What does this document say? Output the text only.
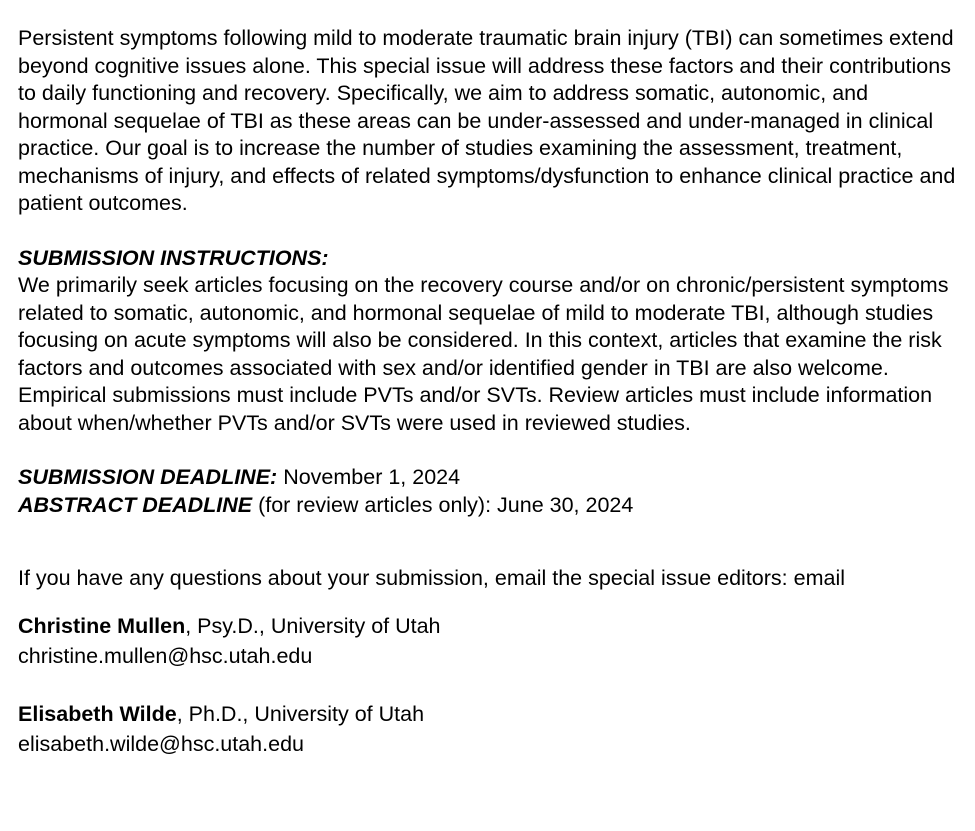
Persistent symptoms following mild to moderate traumatic brain injury (TBI) can sometimes extend beyond cognitive issues alone. This special issue will address these factors and their contributions to daily functioning and recovery. Specifically, we aim to address somatic, autonomic, and hormonal sequelae of TBI as these areas can be under-assessed and under-managed in clinical practice. Our goal is to increase the number of studies examining the assessment, treatment, mechanisms of injury, and effects of related symptoms/dysfunction to enhance clinical practice and patient outcomes.

SUBMISSION INSTRUCTIONS:

We primarily seek articles focusing on the recovery course and/or on chronic/persistent symptoms related to somatic, autonomic, and hormonal sequelae of mild to moderate TBI, although studies focusing on acute symptoms will also be considered. In this context, articles that examine the risk factors and outcomes associated with sex and/or identified gender in TBI are also welcome. Empirical submissions must include PVTs and/or SVTs. Review articles must include information about when/whether PVTs and/or SVTs were used in reviewed studies.

SUBMISSION DEADLINE: November 1, 2024

ABSTRACT DEADLINE (for review articles only): June 30, 2024

If you have any questions about your submission, email the special issue editors: email

Christine Mullen, Psy.D., University of Utah

christine.mullen@hsc.utah.edu

Elisabeth Wilde, Ph.D., University of Utah

elisabeth.wilde@hsc.utah.edu
